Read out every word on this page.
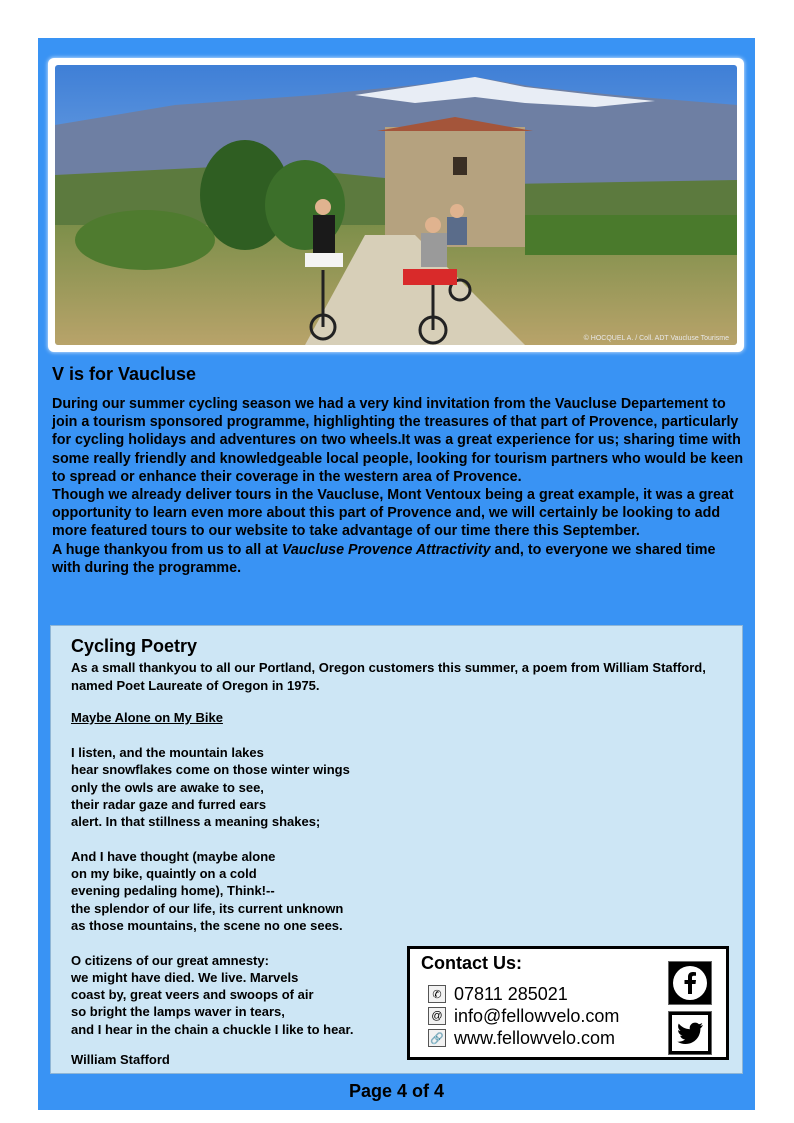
© HOCQUEL A. / Coll. ADT Vaucluse Tourisme
V is for Vaucluse

During our summer cycling season we had a very kind invitation from the Vaucluse Departement to join a tourism sponsored programme, highlighting the treasures of that part of Provence, particularly for cycling holidays and adventures on two wheels.It was a great experience for us; sharing time with some really friendly and knowledgeable local people, looking for tourism partners who would be keen to spread or enhance their coverage in the western area of Provence.

Though we already deliver tours in the Vaucluse, Mont Ventoux being a great example, it was a great opportunity to learn even more about this part of Provence and, we will certainly be looking to add more featured tours to our website to take advantage of our time there this September.

A huge thankyou from us to all at Vaucluse Provence Attractivity and, to everyone we shared time with during the programme.

Cycling Poetry

As a small thankyou to all our Portland, Oregon customers this summer, a poem from William Stafford, named Poet Laureate of Oregon in 1975.

Maybe Alone on My Bike

I listen, and the mountain lakes
hear snowflakes come on those winter wings
only the owls are awake to see,
their radar gaze and furred ears
alert. In that stillness a meaning shakes;
And I have thought (maybe alone
on my bike, quaintly on a cold
evening pedaling home), Think!--
the splendor of our life, its current unknown
as those mountains, the scene no one sees.
O citizens of our great amnesty:
we might have died. We live. Marvels
coast by, great veers and swoops of air
so bright the lamps waver in tears,
and I hear in the chain a chuckle I like to hear.

William Stafford

Contact Us:
✆ 07811 285021
@ info@fellowvelo.com
🔗 www.fellowvelo.com

Page 4 of 4
